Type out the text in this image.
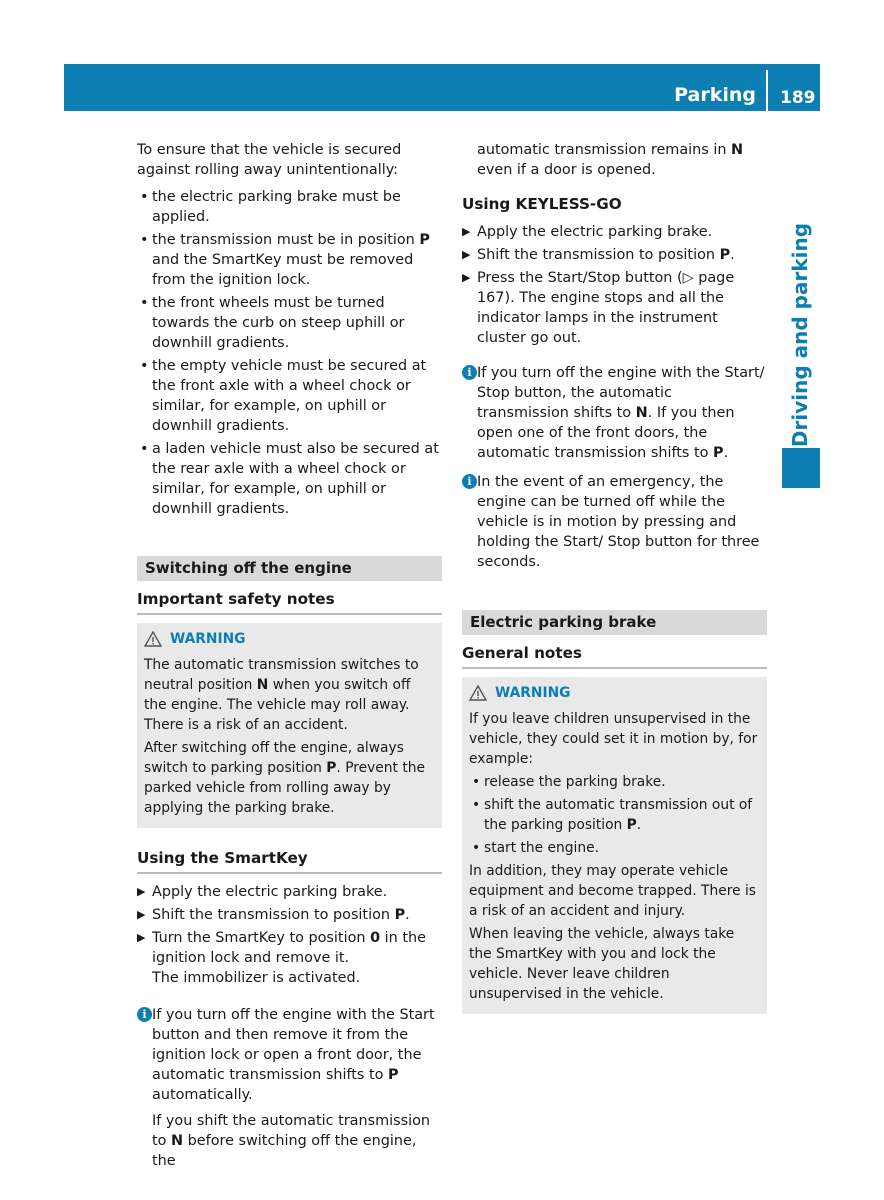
Parking 189
Driving and parking

To ensure that the vehicle is secured against rolling away unintentionally:

• the electric parking brake must be applied.
• the transmission must be in position P and the SmartKey must be removed from the ignition lock.
• the front wheels must be turned towards the curb on steep uphill or downhill gradients.
• the empty vehicle must be secured at the front axle with a wheel chock or similar, for example, on uphill or downhill gradients.
• a laden vehicle must also be secured at the rear axle with a wheel chock or similar, for example, on uphill or downhill gradients.
Switching off the engine
Important safety notes
WARNING

The automatic transmission switches to neutral position N when you switch off the engine. The vehicle may roll away. There is a risk of an accident.

After switching off the engine, always switch to parking position P. Prevent the parked vehicle from rolling away by applying the parking brake.

Using the SmartKey
▶ Apply the electric parking brake.
▶ Shift the transmission to position P.
▶ Turn the SmartKey to position 0 in the ignition lock and remove it.
The immobilizer is activated.
i If you turn off the engine with the Start button and then remove it from the ignition lock or open a front door, the automatic transmission shifts to P automatically.
If you shift the automatic transmission to N before switching off the engine, the
automatic transmission remains in N even if a door is opened.
Using KEYLESS-GO
▶ Apply the electric parking brake.
▶ Shift the transmission to position P.
▶ Press the Start/Stop button (▷ page 167). The engine stops and all the indicator lamps in the instrument cluster go out.
i If you turn off the engine with the Start/ Stop button, the automatic transmission shifts to N. If you then open one of the front doors, the automatic transmission shifts to P.
i In the event of an emergency, the engine can be turned off while the vehicle is in motion by pressing and holding the Start/ Stop button for three seconds.
Electric parking brake
General notes
WARNING

If you leave children unsupervised in the vehicle, they could set it in motion by, for example:

• release the parking brake.
• shift the automatic transmission out of the parking position P.
• start the engine.

In addition, they may operate vehicle equipment and become trapped. There is a risk of an accident and injury.

When leaving the vehicle, always take the SmartKey with you and lock the vehicle. Never leave children unsupervised in the vehicle.
